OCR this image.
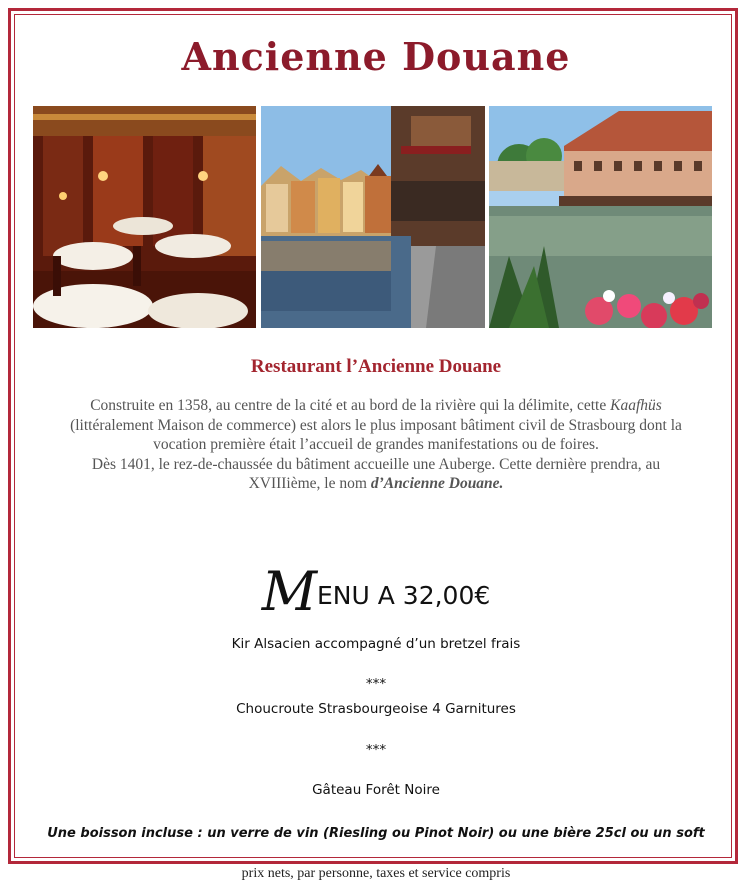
Ancienne Douane
Restaurant l’Ancienne Douane
Construite en 1358, au centre de la cité et au bord de la rivière qui la délimite, cette Kaafhüs (littéralement Maison de commerce) est alors le plus imposant bâtiment civil de Strasbourg dont la vocation première était l’accueil de grandes manifestations ou de foires.
Dès 1401, le rez-de-chaussée du bâtiment accueille une Auberge. Cette dernière prendra, au XVIIIième, le nom d’Ancienne Douane.
MENU A 32,00€
Kir Alsacien accompagné d’un bretzel frais
***
Choucroute Strasbourgeoise 4 Garnitures
***
Gâteau Forêt Noire
Une boisson incluse : un verre de vin (Riesling ou Pinot Noir) ou une bière 25cl ou un soft
prix nets, par personne, taxes et service compris
